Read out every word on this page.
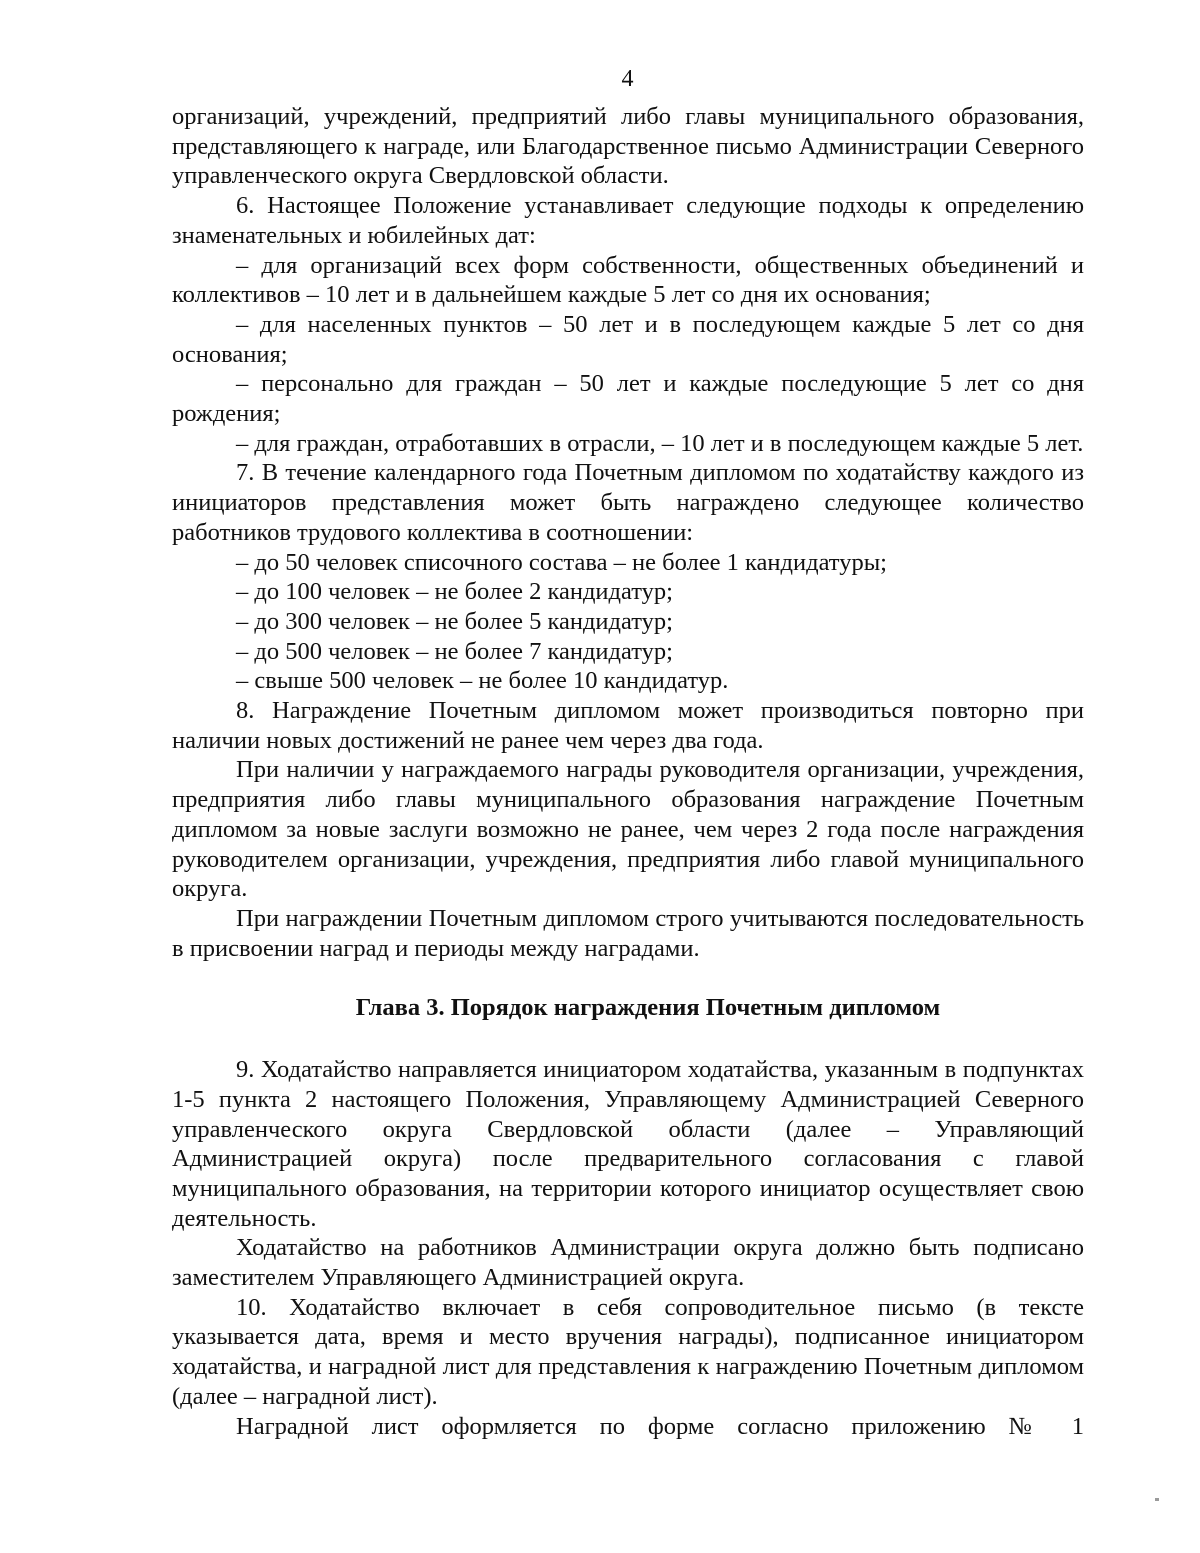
4

организаций, учреждений, предприятий либо главы муниципального образования, представляющего к награде, или Благодарственное письмо Администрации Северного управленческого округа Свердловской области.

6. Настоящее Положение устанавливает следующие подходы к определению знаменательных и юбилейных дат:

– для организаций всех форм собственности, общественных объединений и коллективов – 10 лет и в дальнейшем каждые 5 лет со дня их основания;

– для населенных пунктов – 50 лет и в последующем каждые 5 лет со дня основания;

– персонально для граждан – 50 лет и каждые последующие 5 лет со дня рождения;

– для граждан, отработавших в отрасли, – 10 лет и в последующем каждые 5 лет.

7. В течение календарного года Почетным дипломом по ходатайству каждого из инициаторов представления может быть награждено следующее количество работников трудового коллектива в соотношении:

– до 50 человек списочного состава – не более 1 кандидатуры;

– до 100 человек – не более 2 кандидатур;

– до 300 человек – не более 5 кандидатур;

– до 500 человек – не более 7 кандидатур;

– свыше 500 человек – не более 10 кандидатур.

8. Награждение Почетным дипломом может производиться повторно при наличии новых достижений не ранее чем через два года.

При наличии у награждаемого награды руководителя организации, учреждения, предприятия либо главы муниципального образования награждение Почетным дипломом за новые заслуги возможно не ранее, чем через 2 года после награждения руководителем организации, учреждения, предприятия либо главой муниципального округа.

При награждении Почетным дипломом строго учитываются последовательность в присвоении наград и периоды между наградами.

Глава 3. Порядок награждения Почетным дипломом

9. Ходатайство направляется инициатором ходатайства, указанным в подпунктах 1-5 пункта 2 настоящего Положения, Управляющему Администрацией Северного управленческого округа Свердловской области (далее – Управляющий Администрацией округа) после предварительного согласования с главой муниципального образования, на территории которого инициатор осуществляет свою деятельность.

Ходатайство на работников Администрации округа должно быть подписано заместителем Управляющего Администрацией округа.

10. Ходатайство включает в себя сопроводительное письмо (в тексте указывается дата, время и место вручения награды), подписанное инициатором ходатайства, и наградной лист для представления к награждению Почетным дипломом (далее – наградной лист).

Наградной лист оформляется по форме согласно приложению № 1
